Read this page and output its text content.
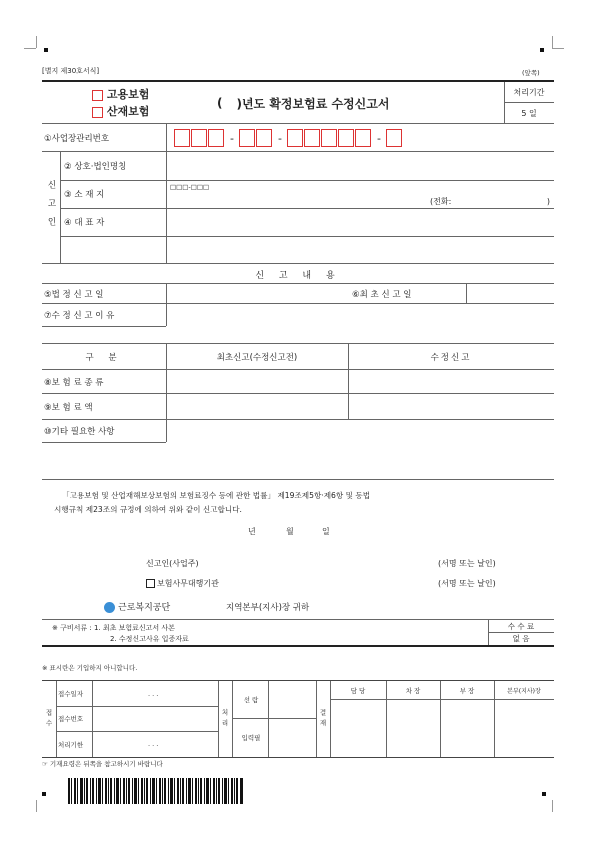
[별지 제30호서식]	(앞쪽)
고용보험
산재보험
( )년도 확정보험료 수정신고서
처리기간
5 일
①사업장관리번호	-	-	-
신고인
② 상호·법인명칭
③ 소 재 지
□□□-□□□
(전화:	)
④ 대 표 자
신 고 내 용
⑤법 정 신 고 일	⑥최 초 신 고 일
⑦수 정 신 고 이 유
구 분	최초신고(수정신고전)	수정신고
⑧보 험 료 종 류
⑨보 험 료 액
⑩기타 필요한 사항
「고용보험 및 산업재해보상보험의 보험료징수 등에 관한 법률」 제19조제5항·제6항 및 동법
시행규칙 제23조의 규정에 의하여 위와 같이 신고합니다.
년	월	일
신고인(사업주)	(서명 또는 날인)
보험사무대행기관	(서명 또는 날인)
근로복지공단	지역본부(지사)장 귀하
※ 구비서류 : 1. 최초 보험료신고서 사본
2. 수정신고사유 입증자료
수 수 료
없 음
※ 표시란은 기입하지 아니합니다.
접수
접수일자	. . .
접수번호
처리기한	. . .
처리
선 람
입력필
결재
담 당	차 장	부 장	본부(지사)장
☞ 기재요령은 뒤쪽을 참고하시기 바랍니다
